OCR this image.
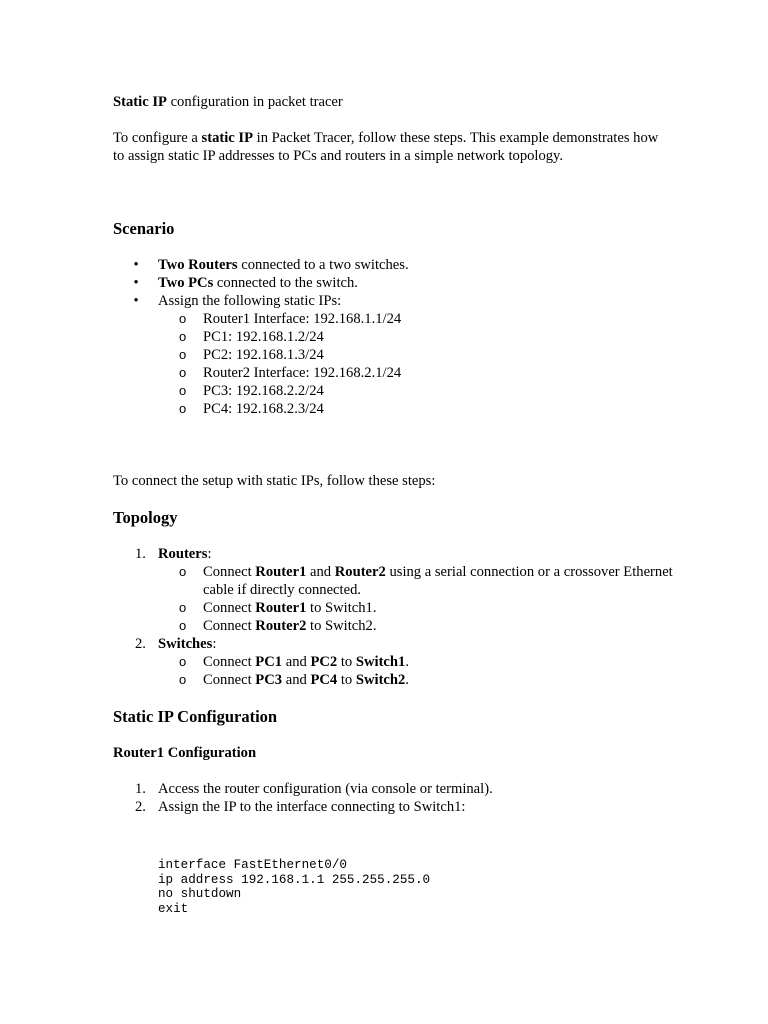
Static IP configuration in packet tracer

To configure a static IP in Packet Tracer, follow these steps. This example demonstrates how to assign static IP addresses to PCs and routers in a simple network topology.

Scenario
• Two Routers connected to a two switches.
• Two PCs connected to the switch.
• Assign the following static IPs:
o Router1 Interface: 192.168.1.1/24
o PC1: 192.168.1.2/24
o PC2: 192.168.1.3/24
o Router2 Interface: 192.168.2.1/24
o PC3: 192.168.2.2/24
o PC4: 192.168.2.3/24

To connect the setup with static IPs, follow these steps:

Topology
1. Routers:
o Connect Router1 and Router2 using a serial connection or a crossover Ethernet cable if directly connected.
o Connect Router1 to Switch1.
o Connect Router2 to Switch2.
2. Switches:
o Connect PC1 and PC2 to Switch1.
o Connect PC3 and PC4 to Switch2.
Static IP Configuration
Router1 Configuration
1. Access the router configuration (via console or terminal).
2. Assign the IP to the interface connecting to Switch1:
interface FastEthernet0/0
ip address 192.168.1.1 255.255.255.0
no shutdown
exit
